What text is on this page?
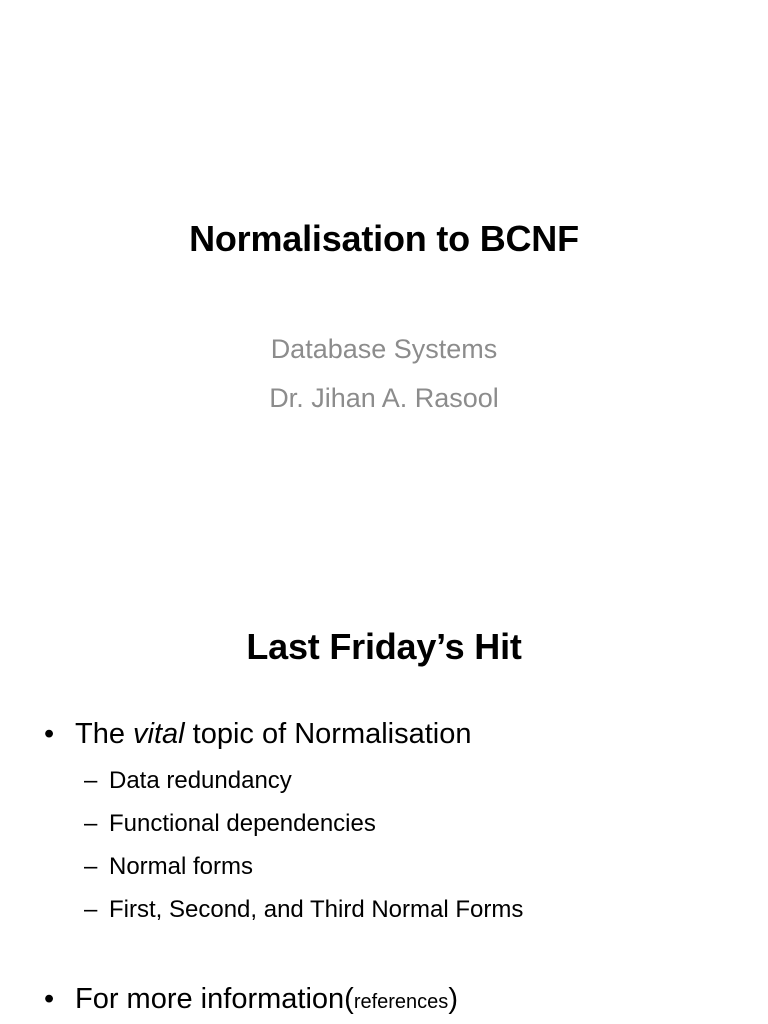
Normalisation to BCNF
Database Systems
Dr. Jihan A. Rasool
Last Friday’s Hit
• The vital topic of Normalisation
– Data redundancy
– Functional dependencies
– Normal forms
– First, Second, and Third Normal Forms
• For more information(references)
